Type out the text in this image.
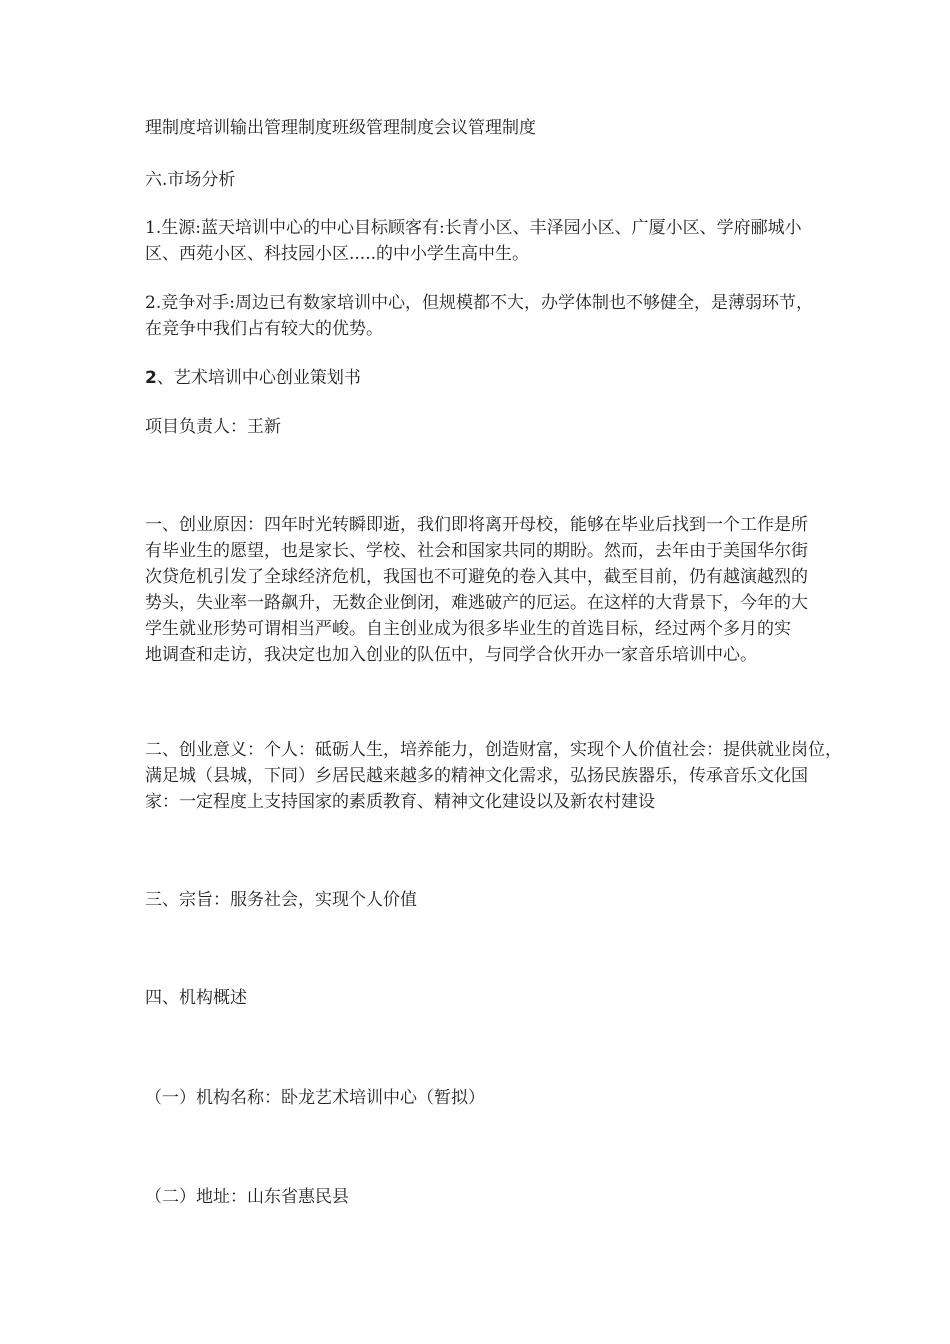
理制度培训输出管理制度班级管理制度会议管理制度
六.市场分析
1.生源:蓝天培训中心的中心目标顾客有:长青小区、丰泽园小区、广厦小区、学府郦城小
区、西苑小区、科技园小区.....的中小学生高中生。
2.竞争对手:周边已有数家培训中心，但规模都不大，办学体制也不够健全，是薄弱环节，
在竞争中我们占有较大的优势。
2、艺术培训中心创业策划书
项目负责人：王新
一、创业原因：四年时光转瞬即逝，我们即将离开母校，能够在毕业后找到一个工作是所
有毕业生的愿望，也是家长、学校、社会和国家共同的期盼。然而，去年由于美国华尔街
次贷危机引发了全球经济危机，我国也不可避免的卷入其中，截至目前，仍有越演越烈的
势头，失业率一路飙升，无数企业倒闭，难逃破产的厄运。在这样的大背景下，今年的大
学生就业形势可谓相当严峻。自主创业成为很多毕业生的首选目标，经过两个多月的实
地调查和走访，我决定也加入创业的队伍中，与同学合伙开办一家音乐培训中心。
二、创业意义：个人：砥砺人生，培养能力，创造财富，实现个人价值社会：提供就业岗位，
满足城（县城，下同）乡居民越来越多的精神文化需求，弘扬民族器乐，传承音乐文化国
家：一定程度上支持国家的素质教育、精神文化建设以及新农村建设
三、宗旨：服务社会，实现个人价值
四、机构概述
（一）机构名称：卧龙艺术培训中心（暂拟）
（二）地址：山东省惠民县
